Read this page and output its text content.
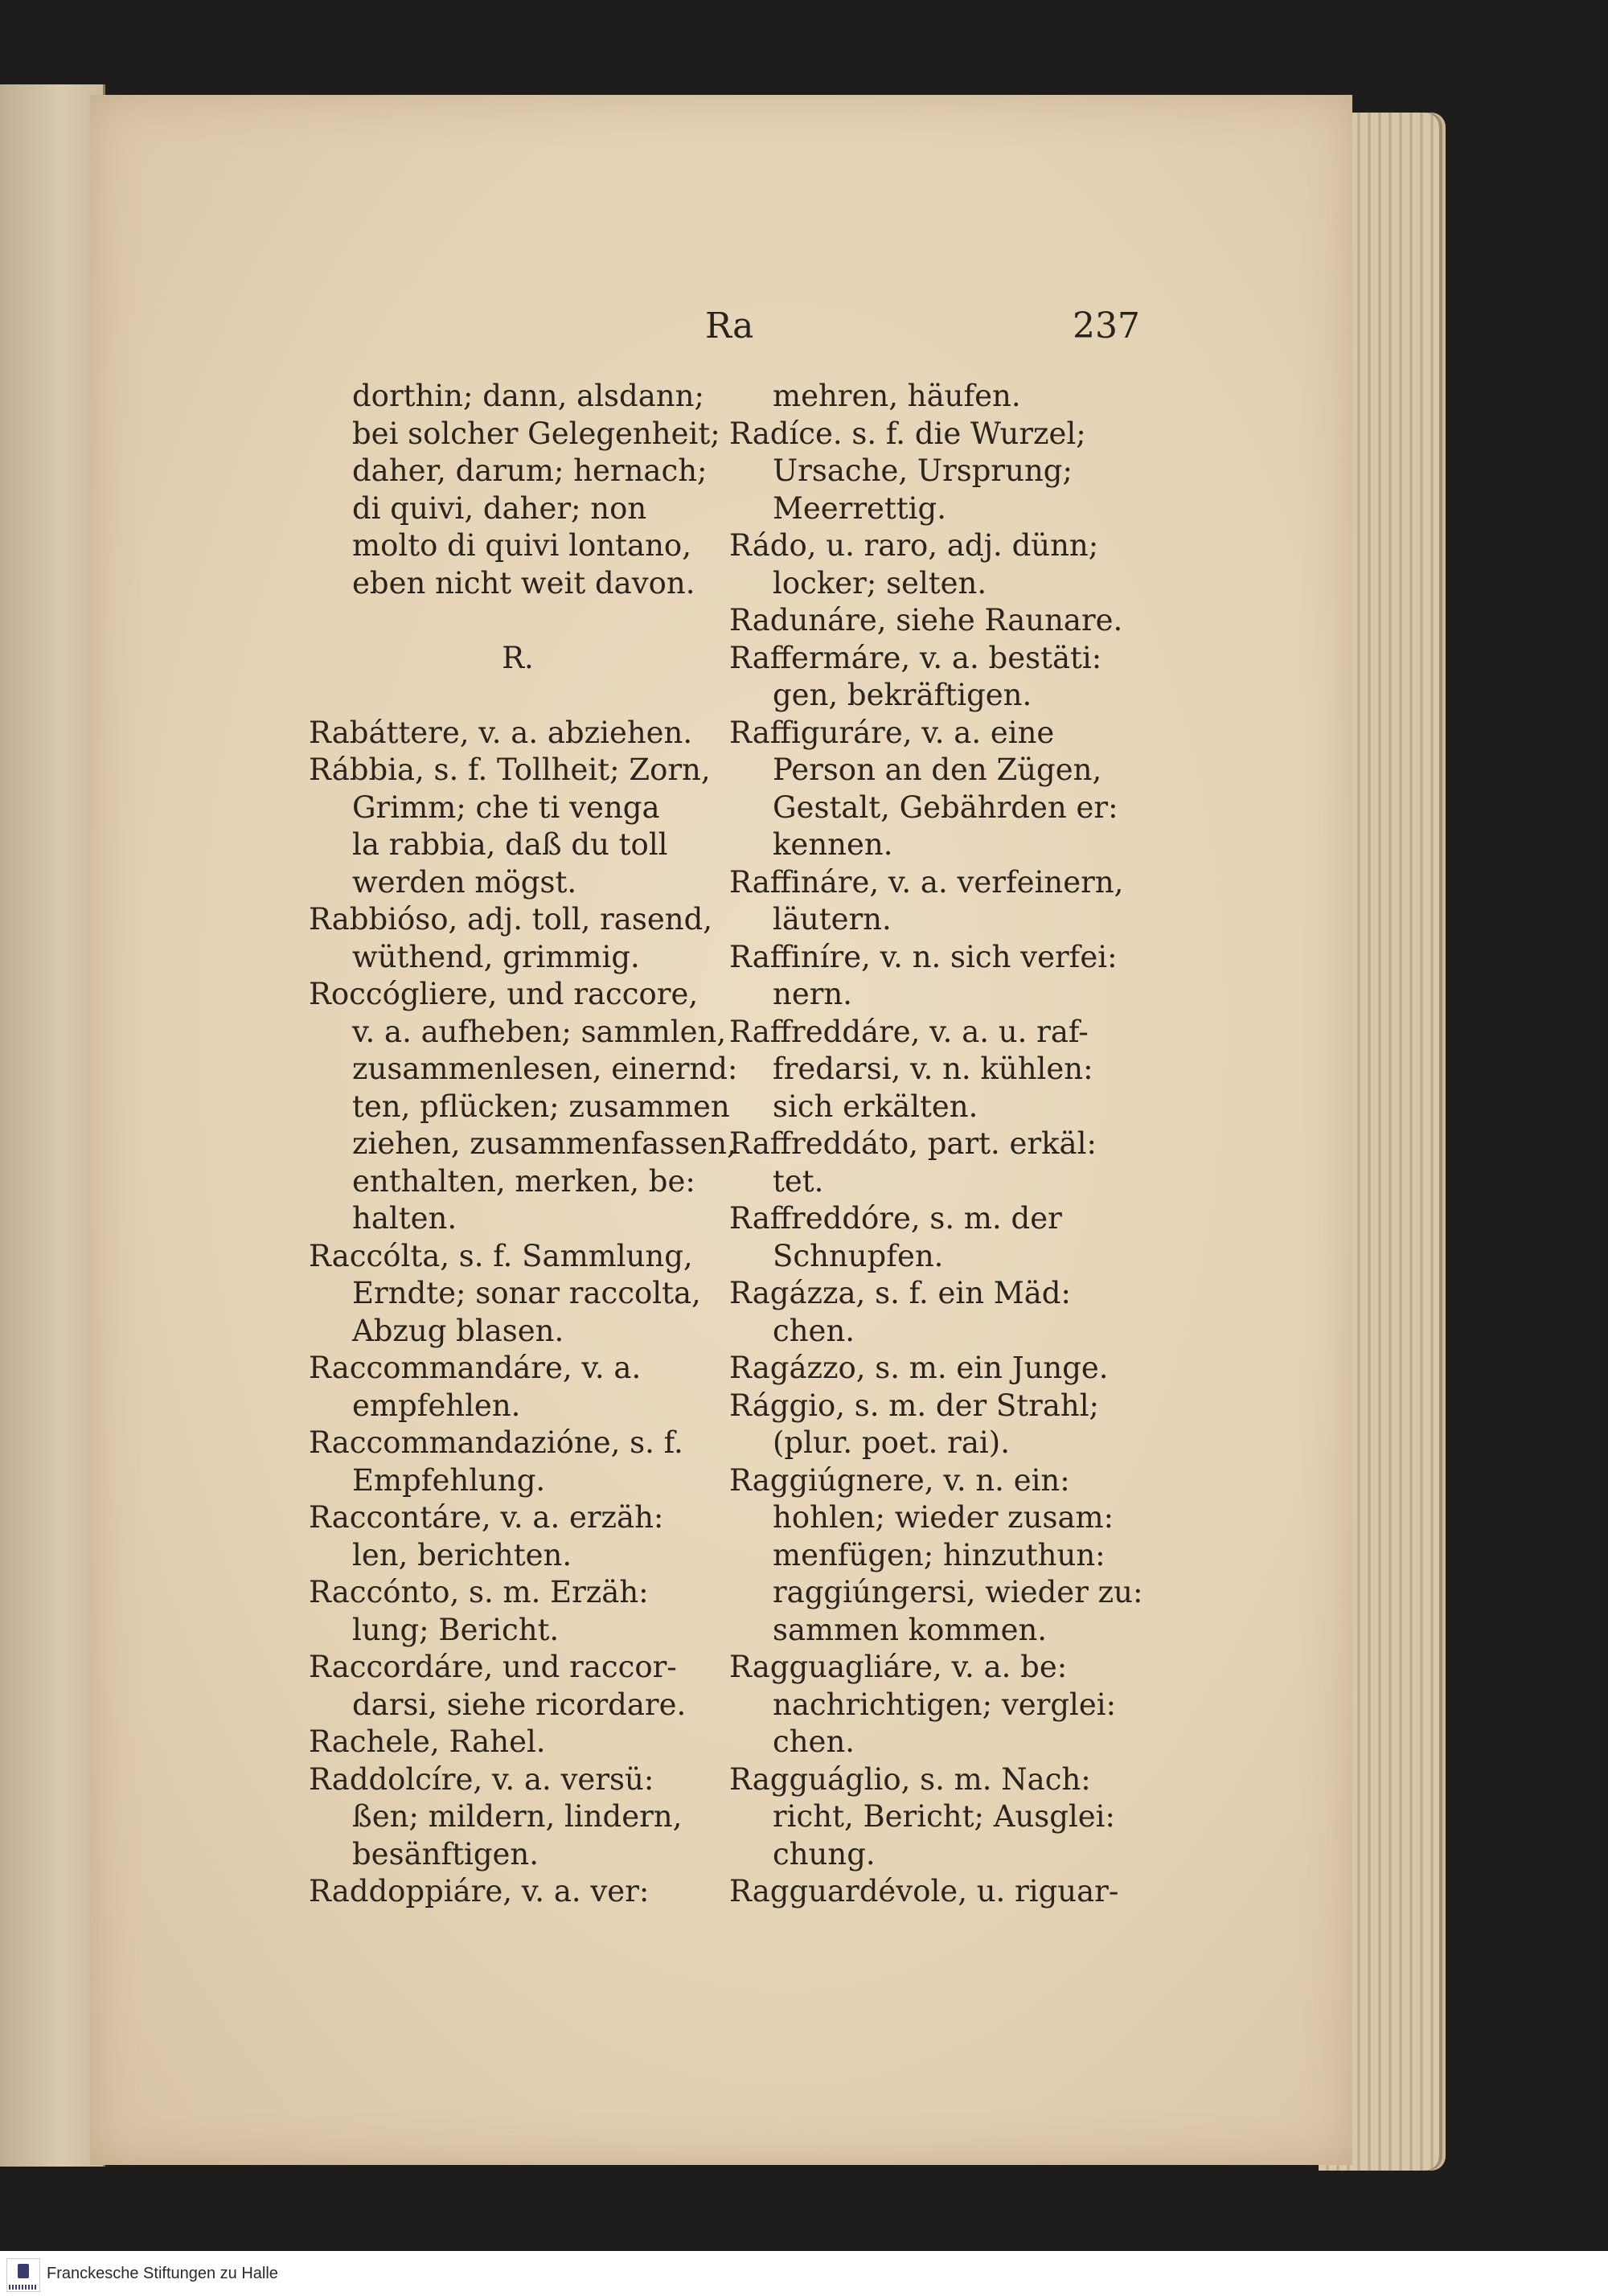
Ra	237
dorthin; dann, alsdann;
bei solcher Gelegenheit;
daher, darum; hernach;
di quivi, daher; non
molto di quivi lontano,
eben nicht weit davon.
R.
Rabáttere, v. a. abziehen.
Rábbia, s. f. Tollheit; Zorn,
Grimm; che ti venga
la rabbia, daß du toll
werden mögst.
Rabbióso, adj. toll, rasend,
wüthend, grimmig.
Roccógliere, und raccore,
v. a. aufheben; sammlen,
zusammenlesen, einernd:
ten, pflücken; zusammen
ziehen, zusammenfassen,
enthalten, merken, be:
halten.
Raccólta, s. f. Sammlung,
Erndte; sonar raccolta,
Abzug blasen.
Raccommandáre, v. a.
empfehlen.
Raccommandazióne, s. f.
Empfehlung.
Raccontáre, v. a. erzäh:
len, berichten.
Raccónto, s. m. Erzäh:
lung; Bericht.
Raccordáre, und raccor-
darsi, siehe ricordare.
Rachele, Rahel.
Raddolcíre, v. a. versü:
ßen; mildern, lindern,
besänftigen.
Raddoppiáre, v. a. ver:
mehren, häufen.
Radíce. s. f. die Wurzel;
Ursache, Ursprung;
Meerrettig.
Rádo, u. raro, adj. dünn;
locker; selten.
Radunáre, siehe Raunare.
Raffermáre, v. a. bestäti:
gen, bekräftigen.
Raffiguráre, v. a. eine
Person an den Zügen,
Gestalt, Gebährden er:
kennen.
Raffináre, v. a. verfeinern,
läutern.
Raffiníre, v. n. sich verfei:
nern.
Raffreddáre, v. a. u. raf-
fredarsi, v. n. kühlen:
sich erkälten.
Raffreddáto, part. erkäl:
tet.
Raffreddóre, s. m. der
Schnupfen.
Ragázza, s. f. ein Mäd:
chen.
Ragázzo, s. m. ein Junge.
Rággio, s. m. der Strahl;
(plur. poet. rai).
Raggiúgnere, v. n. ein:
hohlen; wieder zusam:
menfügen; hinzuthun:
raggiúngersi, wieder zu:
sammen kommen.
Ragguagliáre, v. a. be:
nachrichtigen; verglei:
chen.
Ragguáglio, s. m. Nach:
richt, Bericht; Ausglei:
chung.
Ragguardévole, u. riguar-
Franckesche Stiftungen zu Halle
